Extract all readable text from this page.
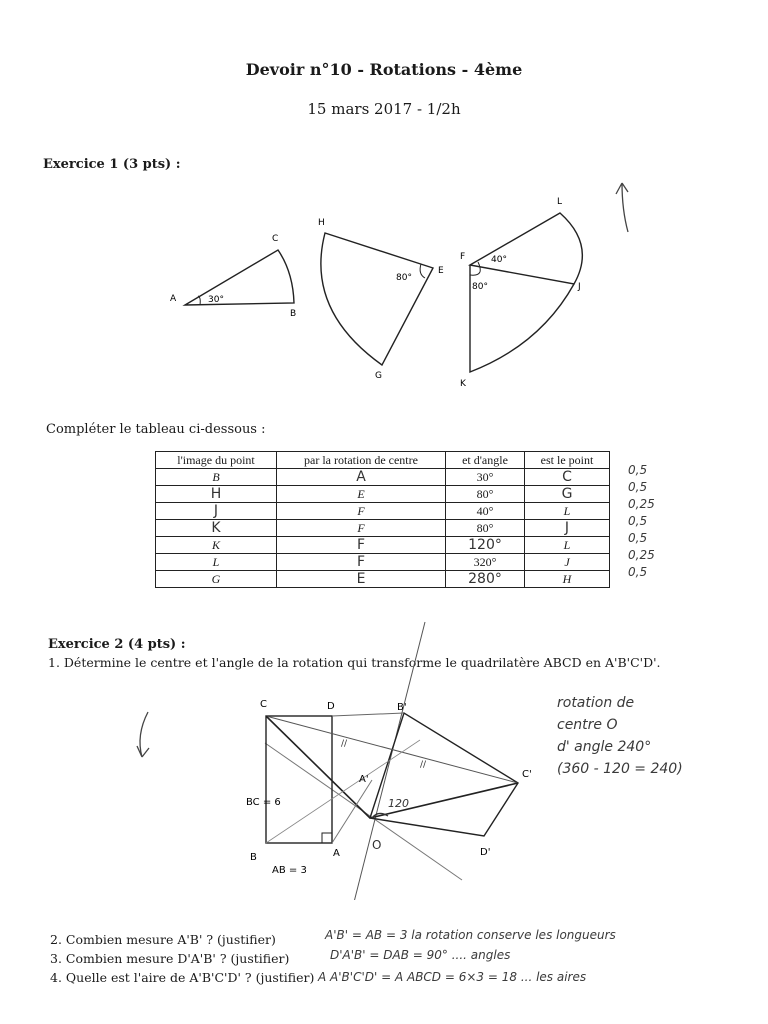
Devoir n°10 - Rotations - 4ème
15 mars 2017 - 1/2h
Exercice 1 (3 pts) :
A
B
C
30°
H
E
G
80°
F
L
J
K
40°
80°
Compléter le tableau ci-dessous :
l'image du point	par la rotation de centre	et d'angle	est le point
B	A	30°	C
H	E	80°	G
J	F	40°	L
K	F	80°	J
K	F	120°	L
L	F	320°	J
G	E	280°	H
0,5
0,5
0,25
0,5
0,5
0,25
0,5
Exercice 2 (4 pts) :
1. Détermine le centre et l'angle de la rotation qui transforme le quadrilatère ABCD en A'B'C'D'.
//
//
C	D
B	A
B'
A'	C'
D'
O
BC = 6
AB = 3
120
rotation de
centre O
d' angle 240°
(360 - 120 = 240)
2. Combien mesure A'B' ? (justifier)
3. Combien mesure D'A'B' ? (justifier)
4. Quelle est l'aire de A'B'C'D' ? (justifier)
A'B' = AB = 3 la rotation conserve les longueurs
D'A'B' = DAB = 90° .... angles
A A'B'C'D' = A ABCD = 6×3 = 18 ... les aires
